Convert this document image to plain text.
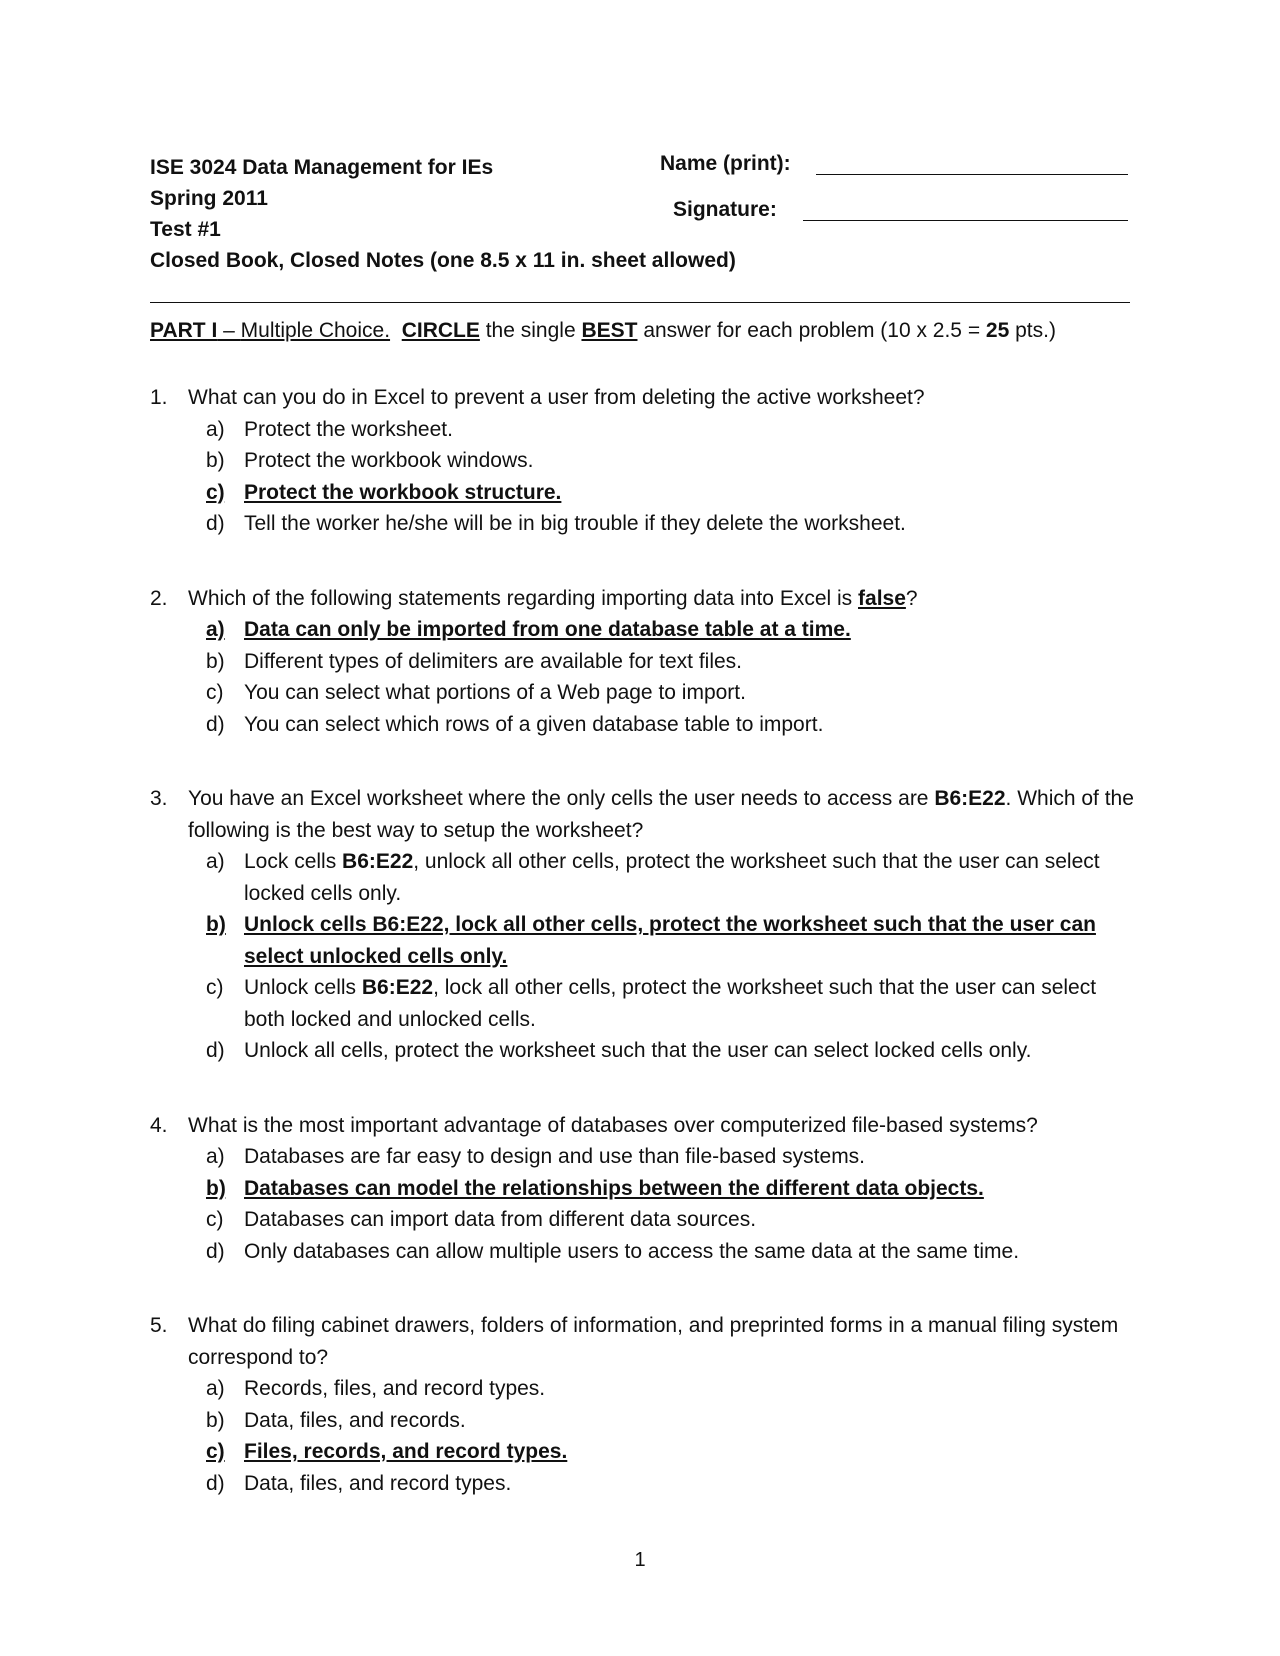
ISE 3024 Data Management for IEs
Spring 2011
Test #1
Closed Book, Closed Notes (one 8.5 x 11 in. sheet allowed)
Name (print):
Signature:
PART I – Multiple Choice. CIRCLE the single BEST answer for each problem (10 x 2.5 = 25 pts.)
1. What can you do in Excel to prevent a user from deleting the active worksheet?
a) Protect the worksheet.
b) Protect the workbook windows.
c) Protect the workbook structure.
d) Tell the worker he/she will be in big trouble if they delete the worksheet.
2. Which of the following statements regarding importing data into Excel is false?
a) Data can only be imported from one database table at a time.
b) Different types of delimiters are available for text files.
c) You can select what portions of a Web page to import.
d) You can select which rows of a given database table to import.
3. You have an Excel worksheet where the only cells the user needs to access are B6:E22. Which of the following is the best way to setup the worksheet?
a) Lock cells B6:E22, unlock all other cells, protect the worksheet such that the user can select locked cells only.
b) Unlock cells B6:E22, lock all other cells, protect the worksheet such that the user can select unlocked cells only.
c) Unlock cells B6:E22, lock all other cells, protect the worksheet such that the user can select both locked and unlocked cells.
d) Unlock all cells, protect the worksheet such that the user can select locked cells only.
4. What is the most important advantage of databases over computerized file-based systems?
a) Databases are far easy to design and use than file-based systems.
b) Databases can model the relationships between the different data objects.
c) Databases can import data from different data sources.
d) Only databases can allow multiple users to access the same data at the same time.
5. What do filing cabinet drawers, folders of information, and preprinted forms in a manual filing system correspond to?
a) Records, files, and record types.
b) Data, files, and records.
c) Files, records, and record types.
d) Data, files, and record types.
1
